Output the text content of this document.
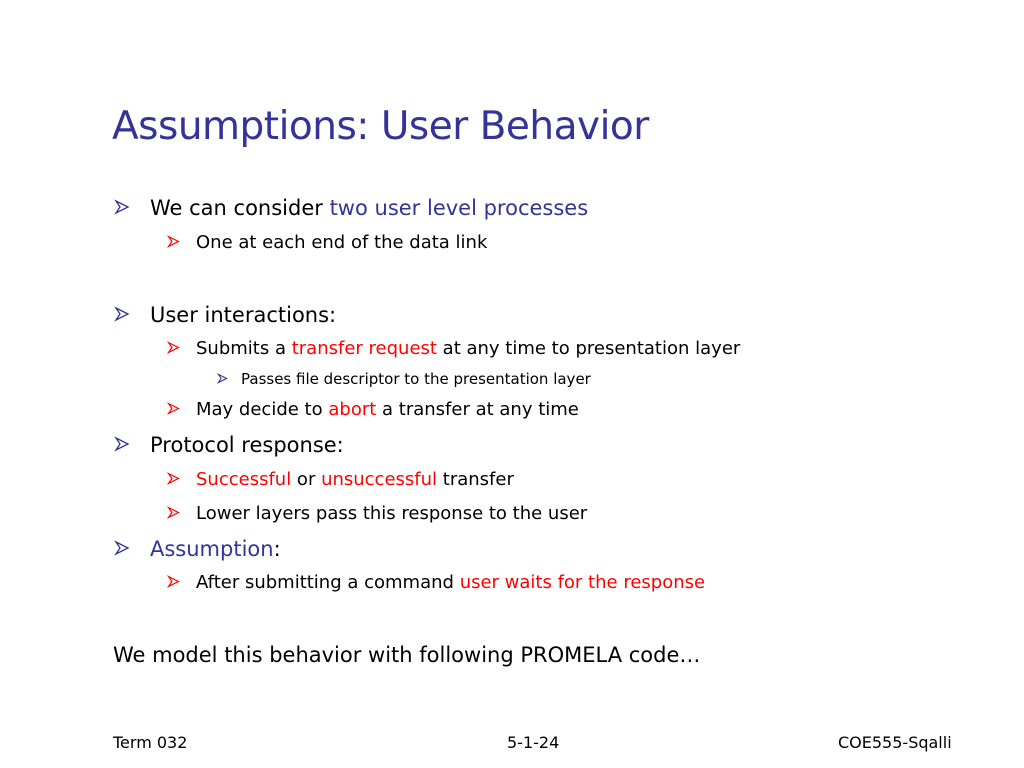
Assumptions: User Behavior
We can consider two user level processes
One at each end of the data link
User interactions:
Submits a transfer request at any time to presentation layer
Passes file descriptor to the presentation layer
May decide to abort a transfer at any time
Protocol response:
Successful or unsuccessful transfer
Lower layers pass this response to the user
Assumption :
After submitting a command user waits for the response
We model this behavior with following PROMELA code…
Term 032	5-1-24	COE555-Sqalli
